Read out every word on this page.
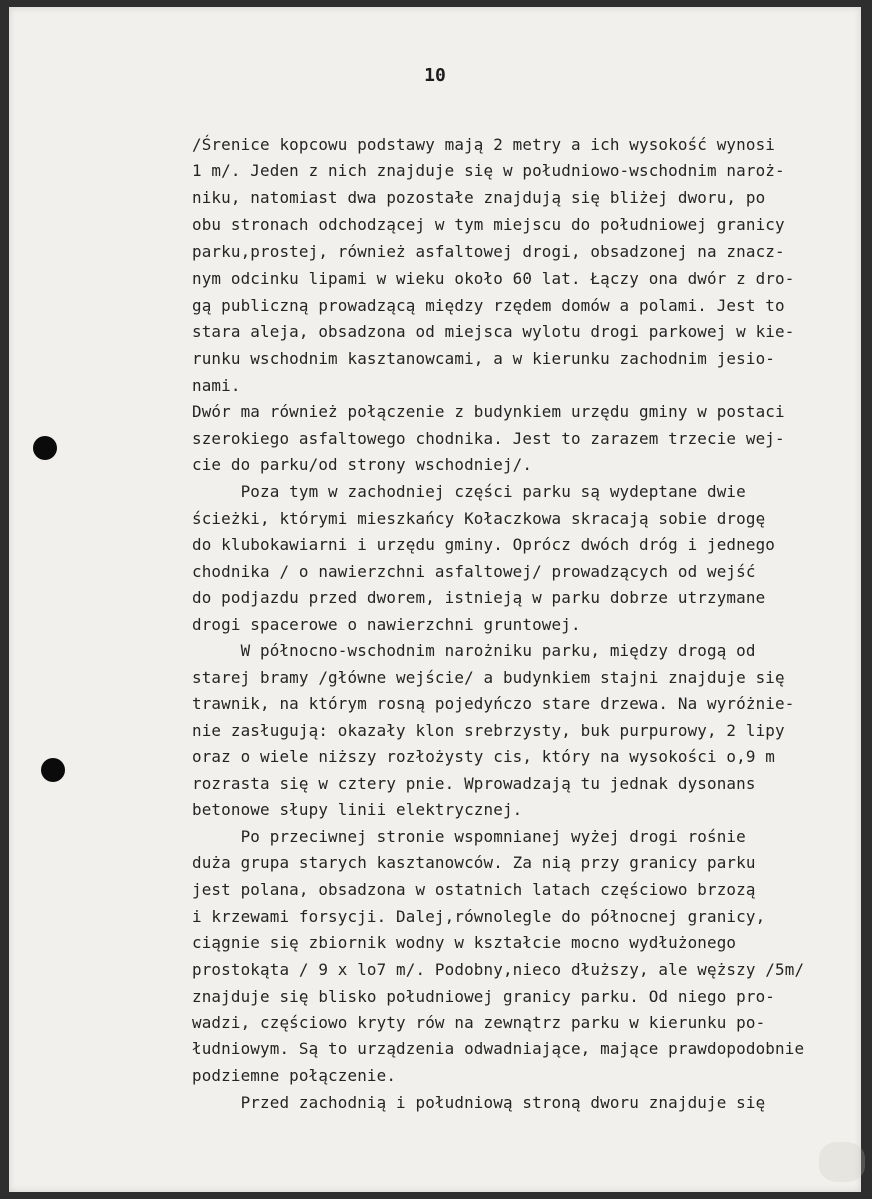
10

/Śrenice kopcowu podstawy mają 2 metry a ich wysokość wynosi

1 m/. Jeden z nich znajduje się w południowo-wschodnim naroż-

niku, natomiast dwa pozostałe znajdują się bliżej dworu, po

obu stronach odchodzącej w tym miejscu do południowej granicy

parku,prostej, również asfaltowej drogi, obsadzonej na znacz-

nym odcinku lipami w wieku około 60 lat. Łączy ona dwór z dro-

gą publiczną prowadzącą między rzędem domów a polami. Jest to

stara aleja, obsadzona od miejsca wylotu drogi parkowej w kie-

runku wschodnim kasztanowcami, a w kierunku zachodnim jesio-

nami.

Dwór ma również połączenie z budynkiem urzędu gminy w postaci

szerokiego asfaltowego chodnika. Jest to zarazem trzecie wej-

cie do parku/od strony wschodniej/.

Poza tym w zachodniej części parku są wydeptane dwie

ścieżki, którymi mieszkańcy Kołaczkowa skracają sobie drogę

do klubokawiarni i urzędu gminy. Oprócz dwóch dróg i jednego

chodnika / o nawierzchni asfaltowej/ prowadzących od wejść

do podjazdu przed dworem, istnieją w parku dobrze utrzymane

drogi spacerowe o nawierzchni gruntowej.

W północno-wschodnim narożniku parku, między drogą od

starej bramy /główne wejście/ a budynkiem stajni znajduje się

trawnik, na którym rosną pojedyńczo stare drzewa. Na wyróżnie-

nie zasługują: okazały klon srebrzysty, buk purpurowy, 2 lipy

oraz o wiele niższy rozłożysty cis, który na wysokości o,9 m

rozrasta się w cztery pnie. Wprowadzają tu jednak dysonans

betonowe słupy linii elektrycznej.

Po przeciwnej stronie wspomnianej wyżej drogi rośnie

duża grupa starych kasztanowców. Za nią przy granicy parku

jest polana, obsadzona w ostatnich latach częściowo brzozą

i krzewami forsycji. Dalej,równolegle do północnej granicy,

ciągnie się zbiornik wodny w kształcie mocno wydłużonego

prostokąta / 9 x lo7 m/. Podobny,nieco dłuższy, ale węższy /5m/

znajduje się blisko południowej granicy parku. Od niego pro-

wadzi, częściowo kryty rów na zewnątrz parku w kierunku po-

łudniowym. Są to urządzenia odwadniające, mające prawdopodobnie

podziemne połączenie.

Przed zachodnią i południową stroną dworu znajduje się
